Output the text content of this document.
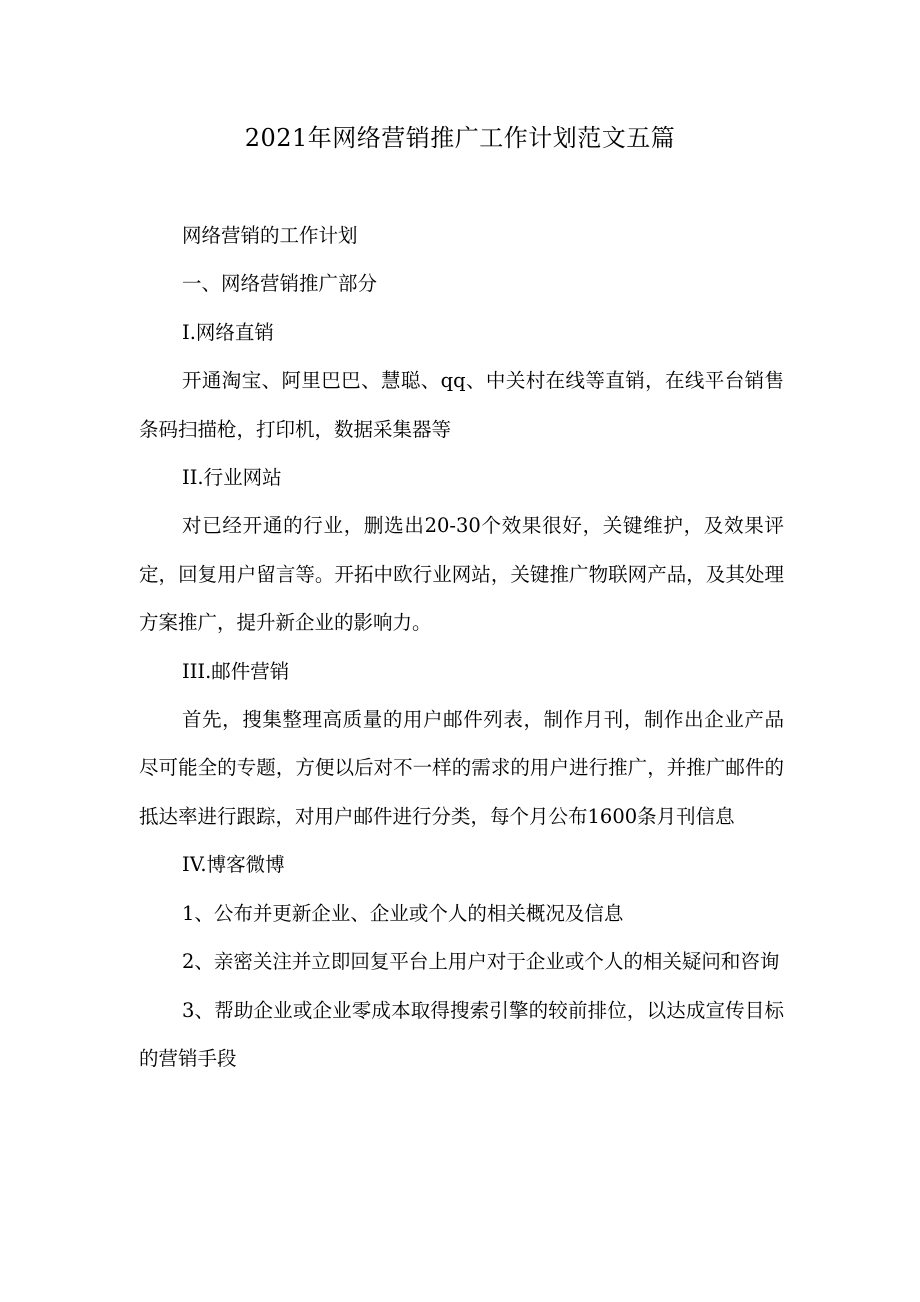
2021年网络营销推广工作计划范文五篇

网络营销的工作计划

一、网络营销推广部分

I.网络直销

开通淘宝、阿里巴巴、慧聪、qq、中关村在线等直销，在线平台销售条码扫描枪，打印机，数据采集器等

II.行业网站

对已经开通的行业，删选出20-30个效果很好，关键维护，及效果评定，回复用户留言等。开拓中欧行业网站，关键推广物联网产品，及其处理方案推广，提升新企业的影响力。

III.邮件营销

首先，搜集整理高质量的用户邮件列表，制作月刊，制作出企业产品尽可能全的专题，方便以后对不一样的需求的用户进行推广，并推广邮件的抵达率进行跟踪，对用户邮件进行分类，每个月公布1600条月刊信息

IV.博客微博

1、公布并更新企业、企业或个人的相关概况及信息

2、亲密关注并立即回复平台上用户对于企业或个人的相关疑问和咨询

3、帮助企业或企业零成本取得搜索引擎的较前排位，以达成宣传目标的营销手段
